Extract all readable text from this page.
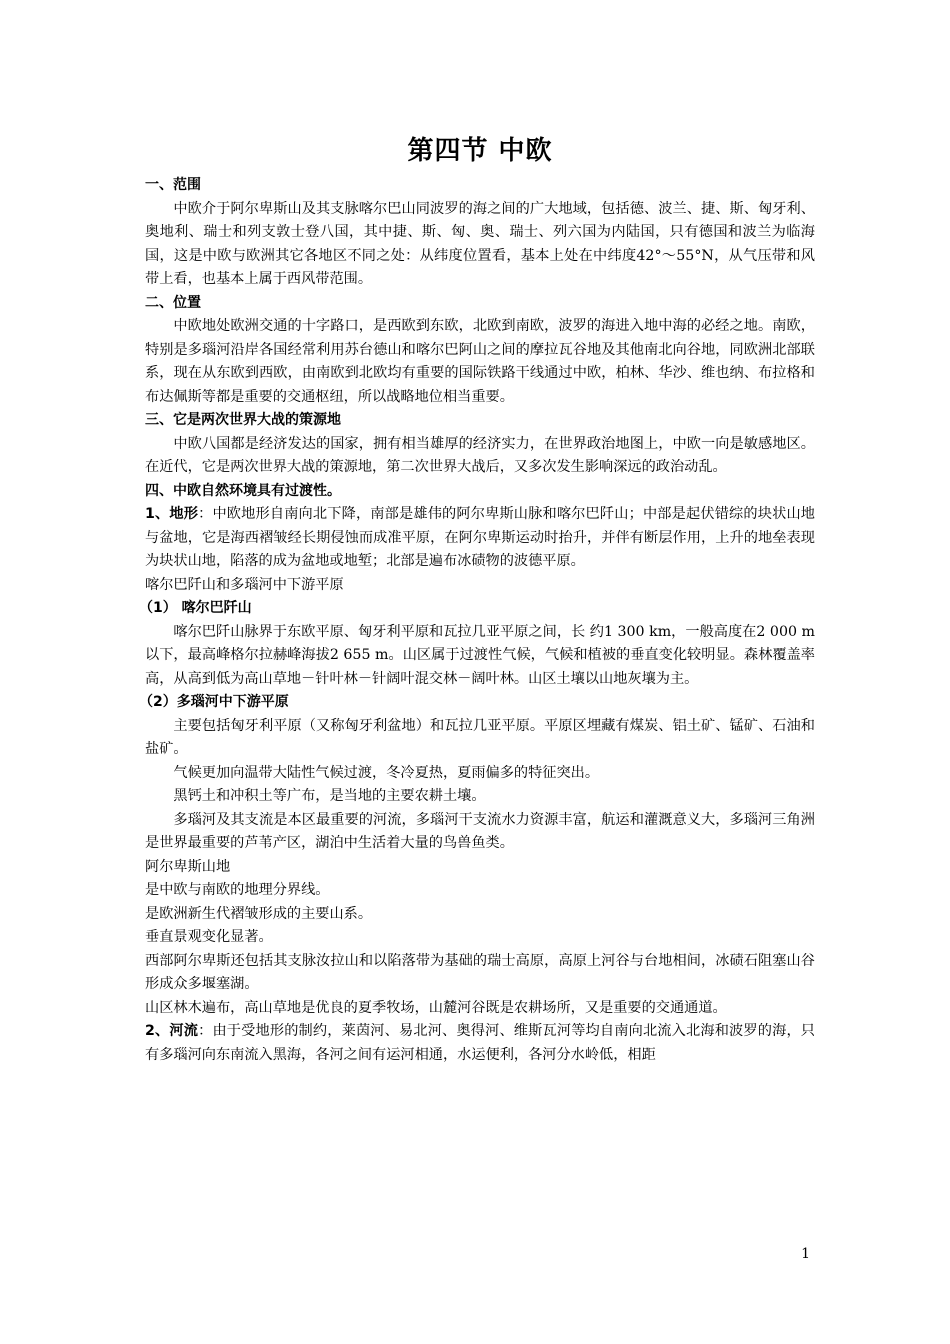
第四节 中欧
一、范围

中欧介于阿尔卑斯山及其支脉喀尔巴山同波罗的海之间的广大地域，包括德、波兰、捷、斯、匈牙利、奥地利、瑞士和列支敦士登八国，其中捷、斯、匈、奥、瑞士、列六国为内陆国，只有德国和波兰为临海国，这是中欧与欧洲其它各地区不同之处：从纬度位置看，基本上处在中纬度42°～55°N，从气压带和风带上看，也基本上属于西风带范围。

二、位置

中欧地处欧洲交通的十字路口，是西欧到东欧，北欧到南欧，波罗的海进入地中海的必经之地。南欧，特别是多瑙河沿岸各国经常利用苏台德山和喀尔巴阿山之间的摩拉瓦谷地及其他南北向谷地，同欧洲北部联系，现在从东欧到西欧，由南欧到北欧均有重要的国际铁路干线通过中欧，柏林、华沙、维也纳、布拉格和布达佩斯等都是重要的交通枢纽，所以战略地位相当重要。

三、它是两次世界大战的策源地

中欧八国都是经济发达的国家，拥有相当雄厚的经济实力，在世界政治地图上，中欧一向是敏感地区。在近代，它是两次世界大战的策源地，第二次世界大战后，又多次发生影响深远的政治动乱。

四、中欧自然环境具有过渡性。

1、地形：中欧地形自南向北下降，南部是雄伟的阿尔卑斯山脉和喀尔巴阡山；中部是起伏错综的块状山地与盆地，它是海西褶皱经长期侵蚀而成准平原，在阿尔卑斯运动时抬升，并伴有断层作用，上升的地垒表现为块状山地，陷落的成为盆地或地堑；北部是遍布冰碛物的波德平原。

喀尔巴阡山和多瑙河中下游平原

（1） 喀尔巴阡山

喀尔巴阡山脉界于东欧平原、匈牙利平原和瓦拉几亚平原之间，长 约1 300 km，一般高度在2 000 m以下，最高峰格尔拉赫峰海拔2 655 m。山区属于过渡性气候，气候和植被的垂直变化较明显。森林覆盖率高，从高到低为高山草地－针叶林－针阔叶混交林－阔叶林。山区土壤以山地灰壤为主。

（2）多瑙河中下游平原

主要包括匈牙利平原（又称匈牙利盆地）和瓦拉几亚平原。平原区埋藏有煤炭、铝土矿、锰矿、石油和盐矿。

气候更加向温带大陆性气候过渡，冬冷夏热，夏雨偏多的特征突出。

黑钙土和冲积土等广布，是当地的主要农耕土壤。

多瑙河及其支流是本区最重要的河流，多瑙河干支流水力资源丰富，航运和灌溉意义大，多瑙河三角洲是世界最重要的芦苇产区，湖泊中生活着大量的鸟兽鱼类。

阿尔卑斯山地

是中欧与南欧的地理分界线。

是欧洲新生代褶皱形成的主要山系。

垂直景观变化显著。

西部阿尔卑斯还包括其支脉汝拉山和以陷落带为基础的瑞士高原，高原上河谷与台地相间，冰碛石阻塞山谷形成众多堰塞湖。

山区林木遍布，高山草地是优良的夏季牧场，山麓河谷既是农耕场所，又是重要的交通通道。

2、河流：由于受地形的制约，莱茵河、易北河、奥得河、维斯瓦河等均自南向北流入北海和波罗的海，只有多瑙河向东南流入黑海，各河之间有运河相通，水运便利，各河分水岭低，相距

1
